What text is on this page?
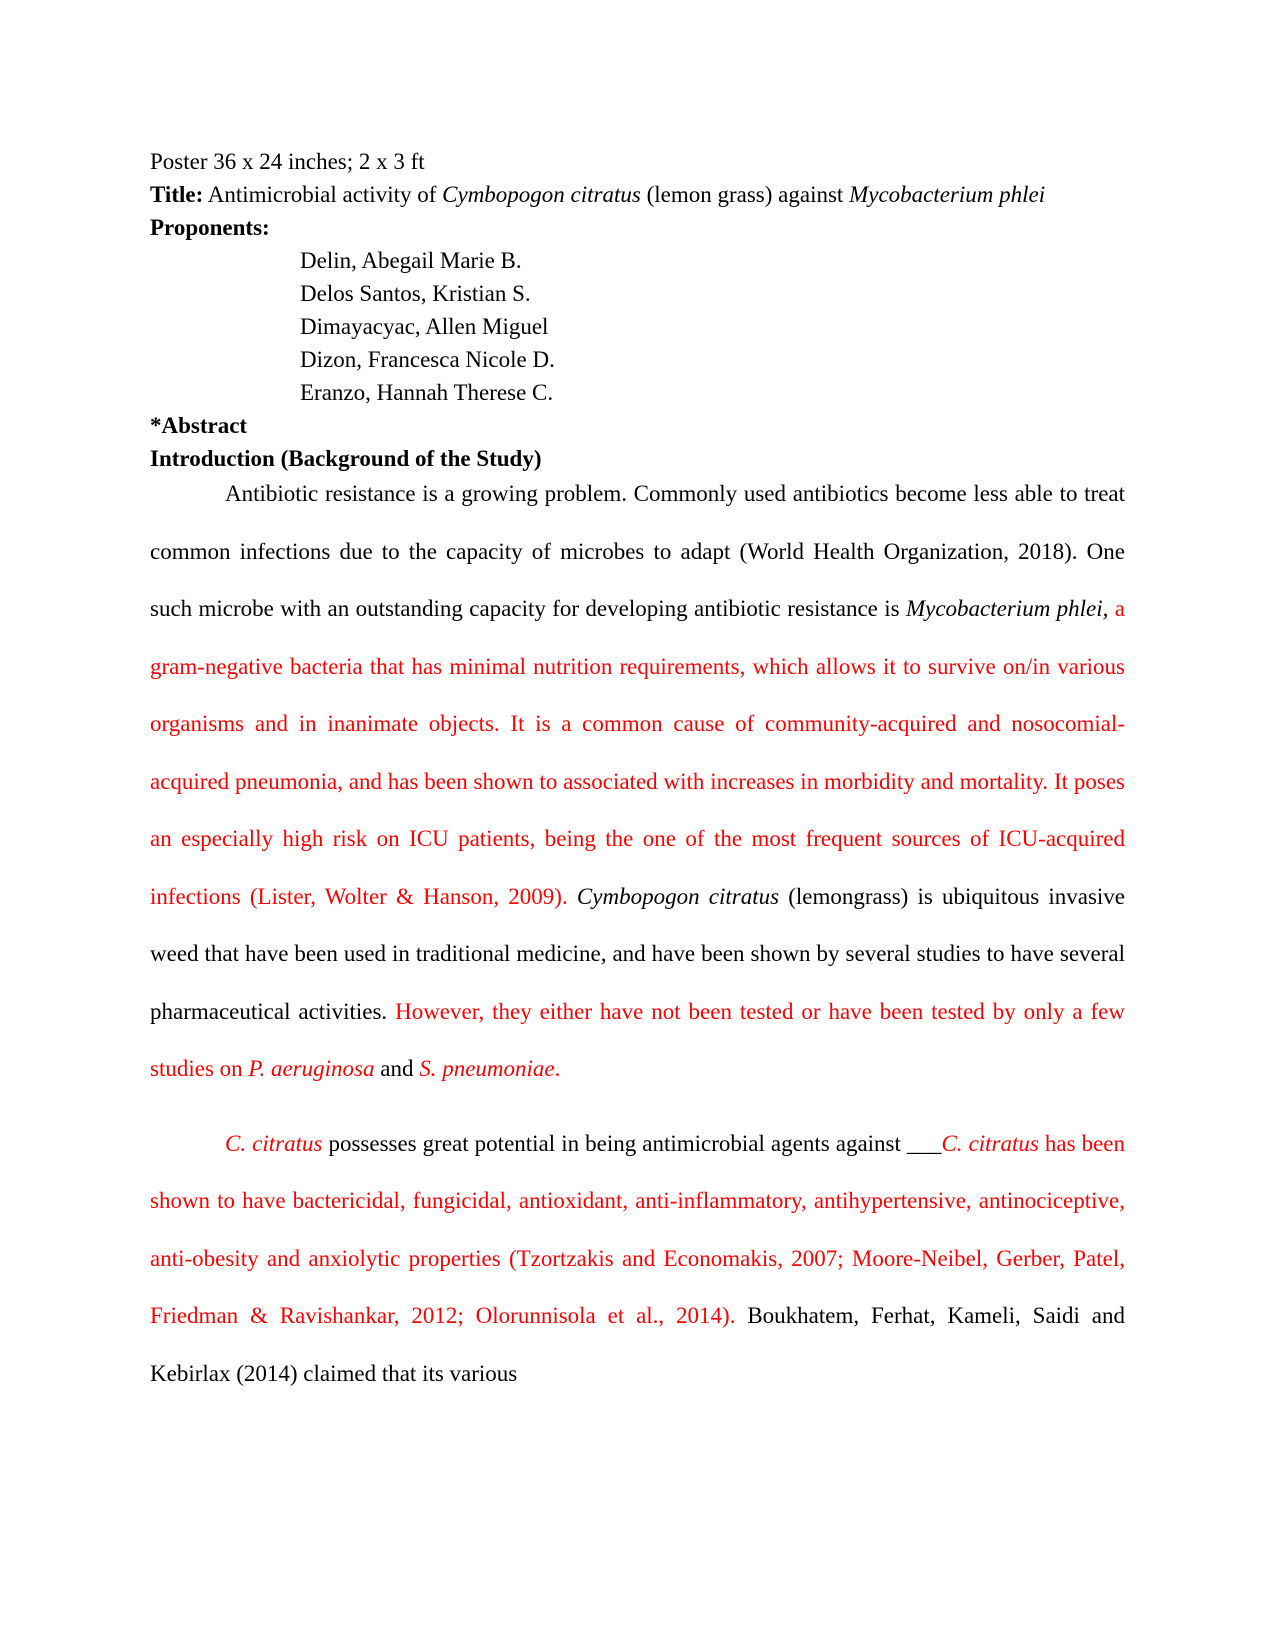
Poster 36 x 24 inches; 2 x 3 ft
Title: Antimicrobial activity of Cymbopogon citratus (lemon grass) against Mycobacterium phlei
Proponents:
Delin, Abegail Marie B.
Delos Santos, Kristian S.
Dimayacyac, Allen Miguel
Dizon, Francesca Nicole D.
Eranzo, Hannah Therese C.
*Abstract
Introduction (Background of the Study)

Antibiotic resistance is a growing problem. Commonly used antibiotics become less able to treat common infections due to the capacity of microbes to adapt (World Health Organization, 2018). One such microbe with an outstanding capacity for developing antibiotic resistance is Mycobacterium phlei, a gram-negative bacteria that has minimal nutrition requirements, which allows it to survive on/in various organisms and in inanimate objects. It is a common cause of community-acquired and nosocomial-acquired pneumonia, and has been shown to associated with increases in morbidity and mortality. It poses an especially high risk on ICU patients, being the one of the most frequent sources of ICU-acquired infections (Lister, Wolter & Hanson, 2009). Cymbopogon citratus (lemongrass) is ubiquitous invasive weed that have been used in traditional medicine, and have been shown by several studies to have several pharmaceutical activities. However, they either have not been tested or have been tested by only a few studies on P. aeruginosa and S. pneumoniae.

C. citratus possesses great potential in being antimicrobial agents against ___C. citratus has been shown to have bactericidal, fungicidal, antioxidant, anti-inflammatory, antihypertensive, antinociceptive, anti-obesity and anxiolytic properties (Tzortzakis and Economakis, 2007; Moore-Neibel, Gerber, Patel, Friedman & Ravishankar, 2012; Olorunnisola et al., 2014). Boukhatem, Ferhat, Kameli, Saidi and Kebirlax (2014) claimed that its various
